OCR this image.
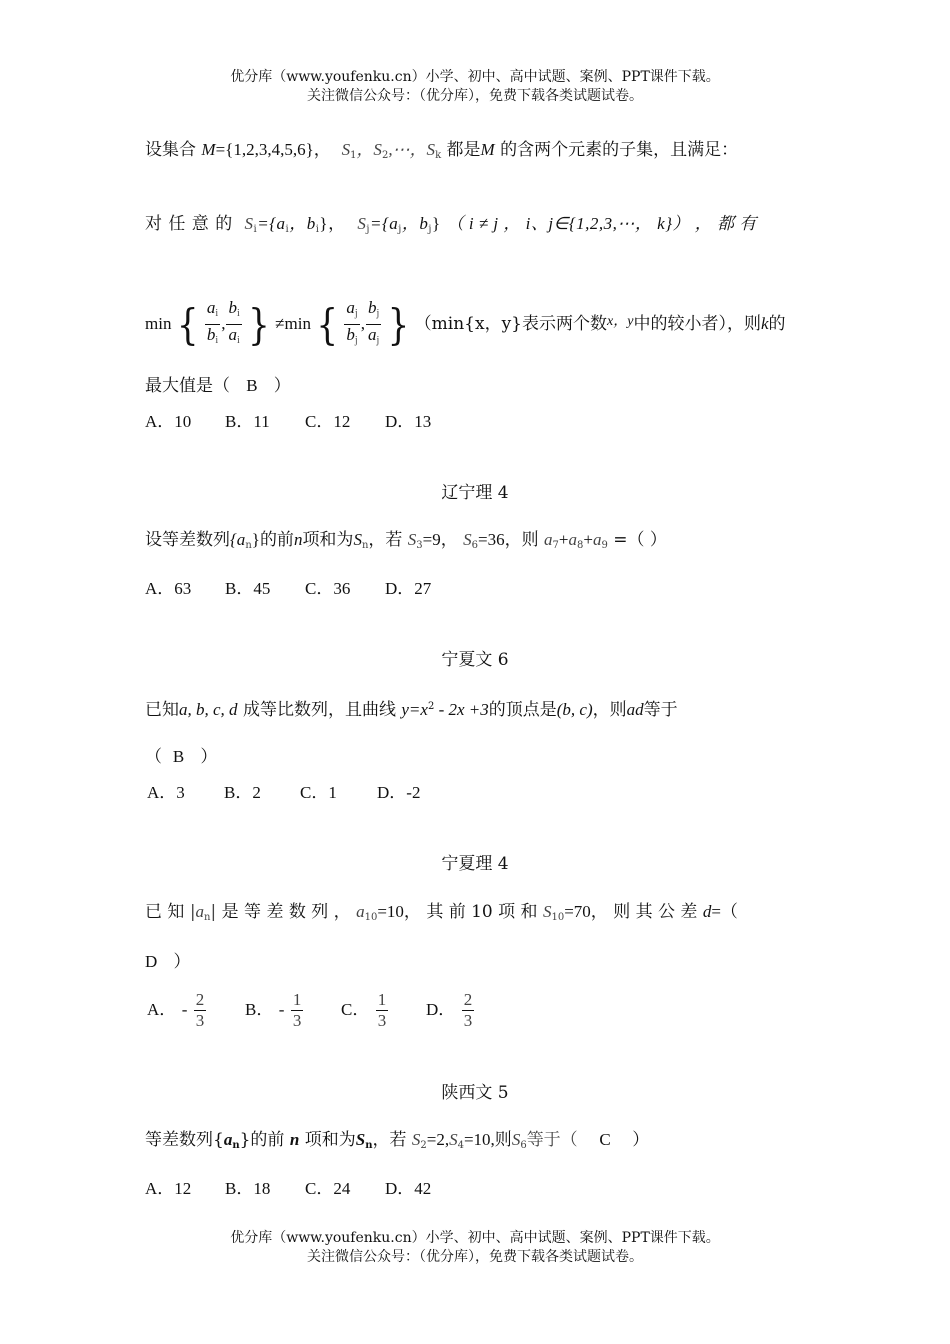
优分库（www.youfenku.cn）小学、初中、高中试题、案例、PPT课件下载。
关注微信公众号：（优分库），免费下载各类试题试卷。
设集合 M={1,2,3,4,5,6}， $S_1$，$S_2,\cdots$，$S_k$ 都是M 的含两个元素的子集，且满足：
对 任 意 的 $S_i=\{a_i$，$b_i$}， $S_j=\{a_j$，$b_j$} （ i ≠ j ， i、j∈{1,2,3,⋯， k}） ， 都 有
min { $\frac{a_i}{b_i}$ , $\frac{b_i}{a_i}$ } ≠min { $\frac{a_j}{b_j}$ , $\frac{b_j}{a_j}$ } （min{x，y}表示两个数$^{x,y}$中的较小者），则k的
最大值是（ B ）
A．10 B．11 C．12 D．13
辽宁理 4
设等差数列$\{a_n\}$的前n项和为$S_n$，若 $S_3=9$， $S_6=36$，则 $a_7+a_8+a_9$ =（ ）
A．63 B．45 C．36 D．27
宁夏文 6
已知a, b, c, d 成等比数列，且曲线 $y=x^2 - 2x +3$的顶点是(b, c)，则ad等于
（ B ）
A．3 B．2 C．1 D．-2
宁夏理 4
已 知 $|a_n|$ 是 等 差 数 列 ， $a_{10}=10$， 其 前 10 项 和 $S_{10}=70$， 则 其 公 差 d=（
D ）
A． - $\frac{2}{3}$ B． - $\frac{1}{3}$ C． $\frac{1}{3}$ D． $\frac{2}{3}$
陕西文 5
等差数列$\{a_n\}$的前 n 项和为$S_n$，若 $S_2=2,S_4=10$,则$S_6$等于（ C ）
A．12 B．18 C．24 D．42
优分库（www.youfenku.cn）小学、初中、高中试题、案例、PPT课件下载。
关注微信公众号：（优分库），免费下载各类试题试卷。
